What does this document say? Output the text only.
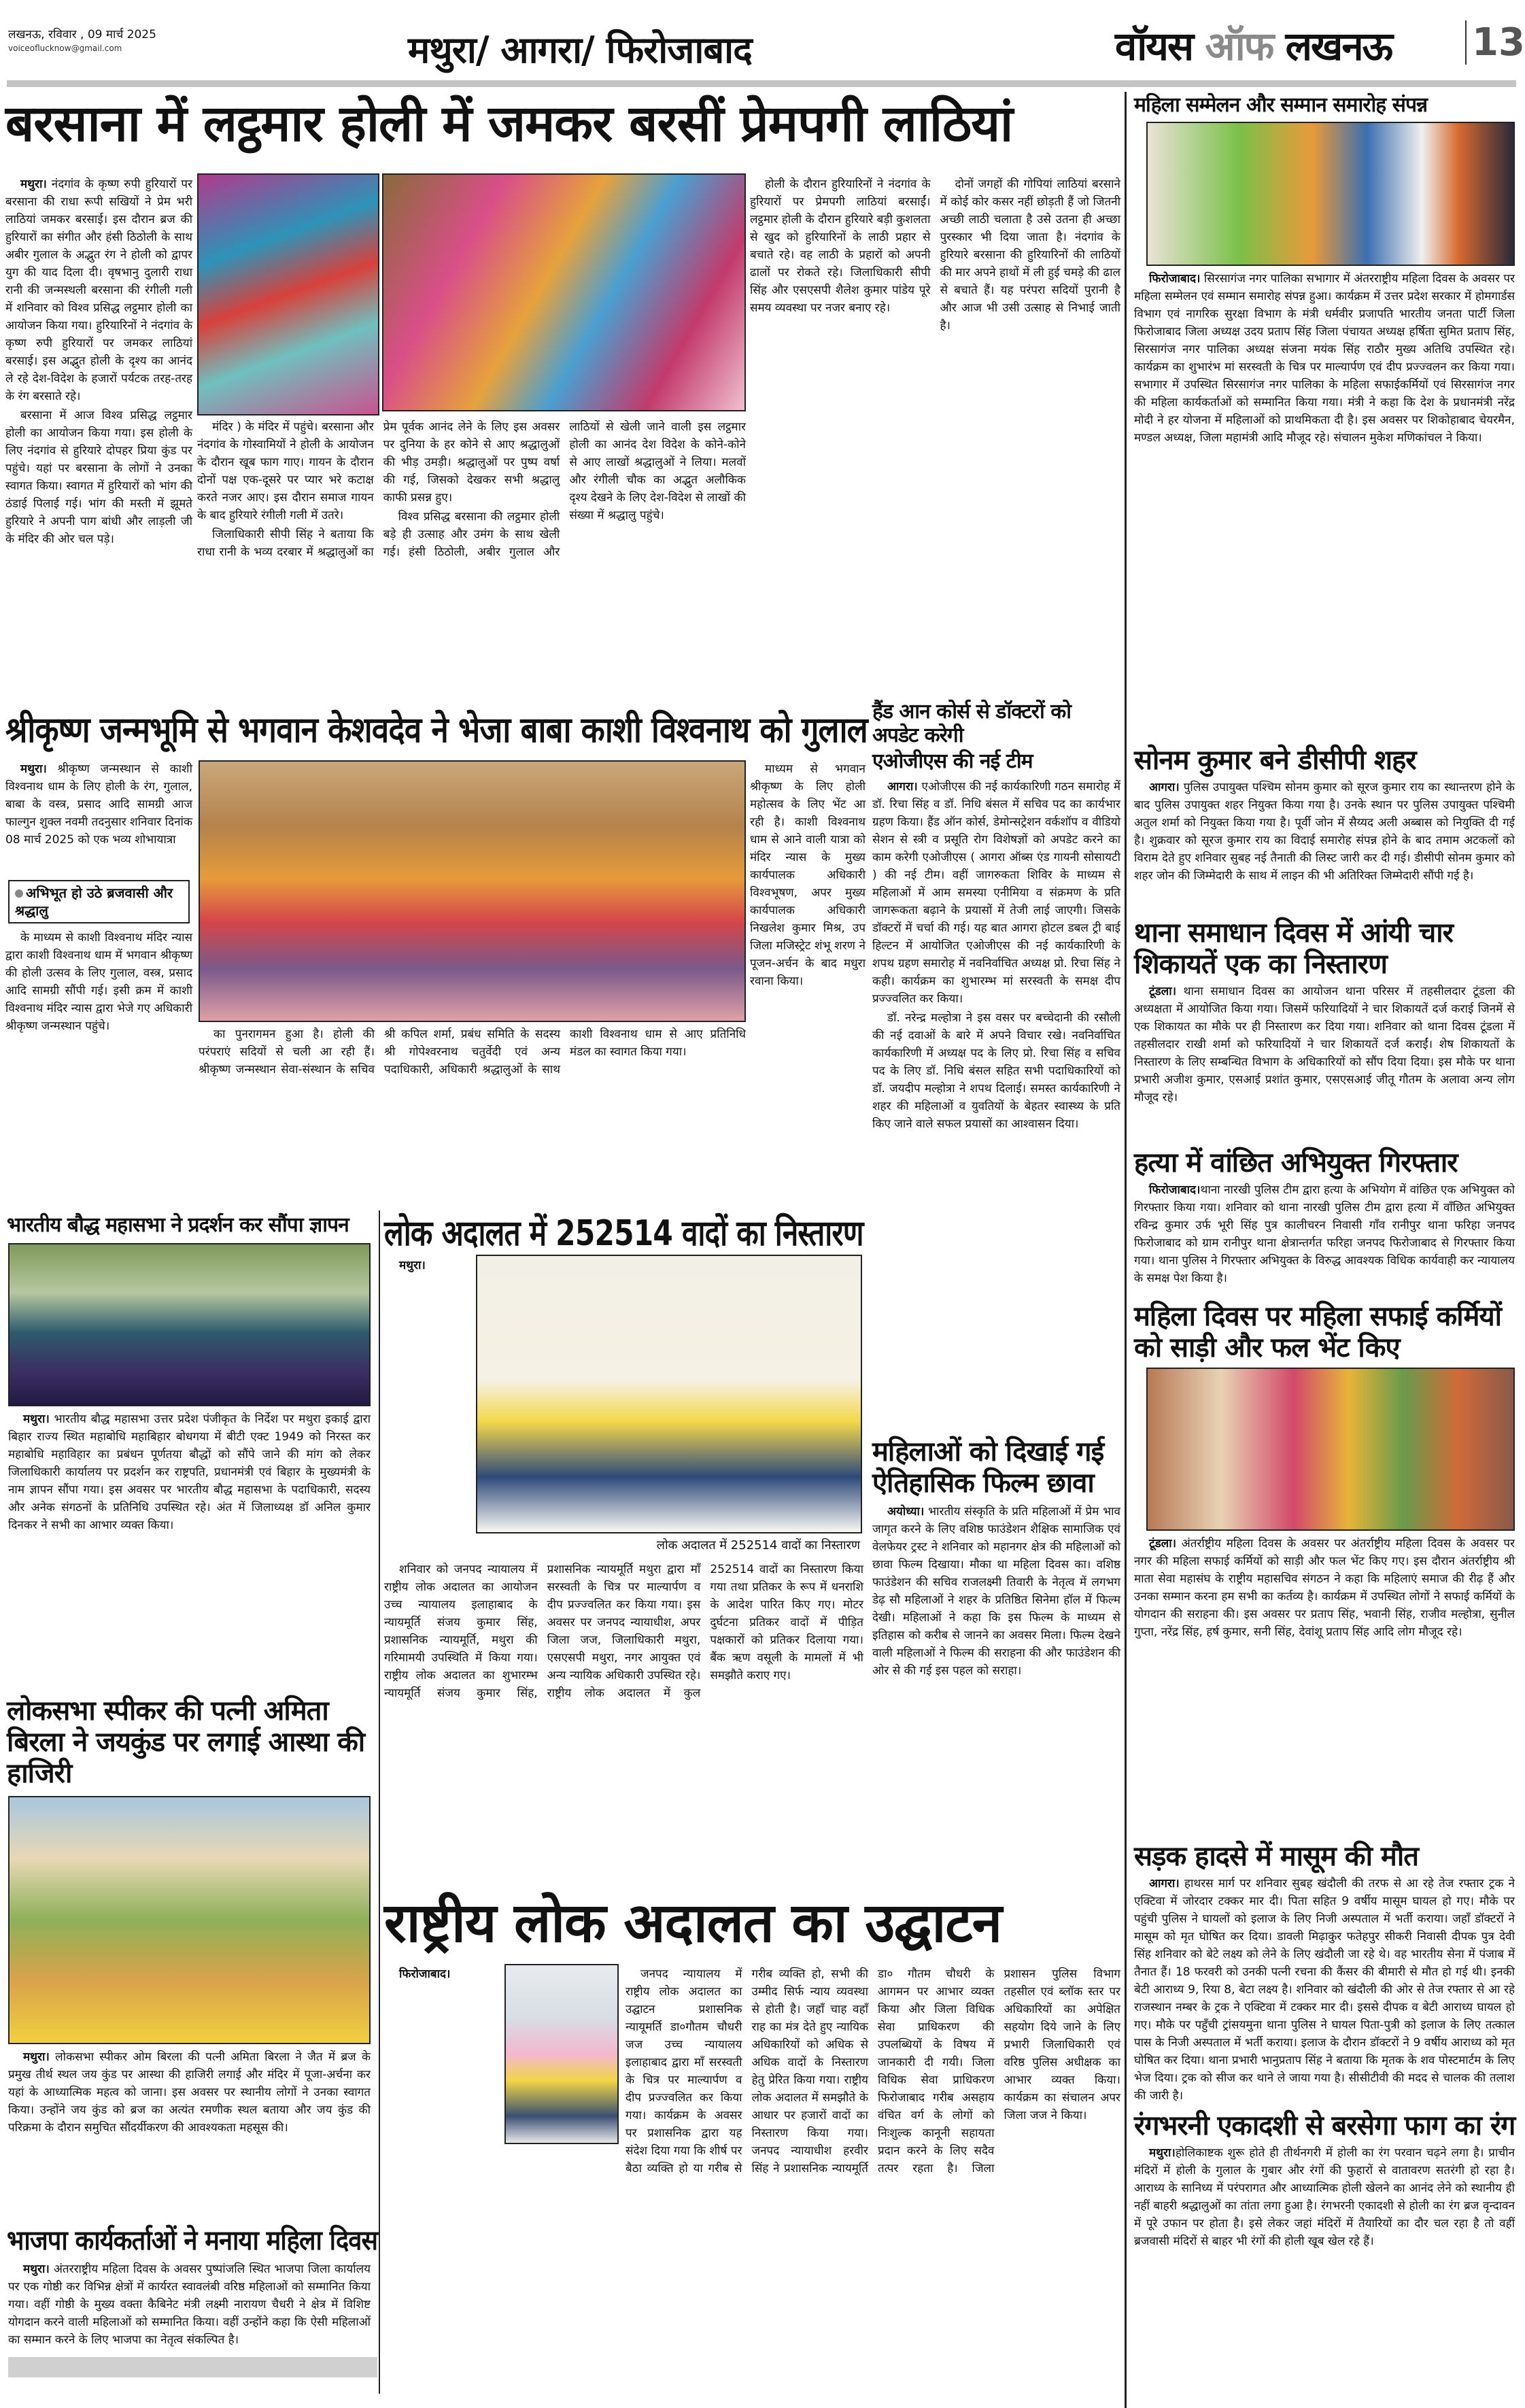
लखनऊ, रविवार , 09 मार्च 2025
voiceoflucknow@gmail.com	मथुरा/ आगरा/ फिरोजाबाद	वॉयस ऑफ लखनऊ 13
बरसाना में लट्ठमार होली में जमकर बरसीं प्रेमपगी लाठियां

मथुरा। नंदगांव के कृष्ण रुपी हुरियारों पर बरसाना की राधा रूपी सखियों ने प्रेम भरी लाठियां जमकर बरसाई। इस दौरान ब्रज की हुरियारों का संगीत और हंसी ठिठोली के साथ अबीर गुलाल के अद्भुत रंग ने होली को द्वापर युग की याद दिला दी। वृषभानु दुलारी राधा रानी की जन्मस्थली बरसाना की रंगीली गली में शनिवार को विश्व प्रसिद्ध लट्ठमार होली का आयोजन किया गया। हुरियारिनों ने नंदगांव के कृष्ण रुपी हुरियारों पर जमकर लाठियां बरसाई। इस अद्भुत होली के दृश्य का आनंद ले रहे देश-विदेश के हजारों पर्यटक तरह-तरह के रंग बरसाते रहे।

बरसाना में आज विश्व प्रसिद्ध लट्ठमार होली का आयोजन किया गया। इस होली के लिए नंदगांव से हुरियारे दोपहर प्रिया कुंड पर पहुंचे। यहां पर बरसाना के लोगों ने उनका स्वागत किया। स्वागत में हुरियारों को भांग की ठंडाई पिलाई गई। भांग की मस्ती में झूमते हुरियारे ने अपनी पाग बांधी और लाड़ली जी के मंदिर की ओर चल पड़े।

मंदिर ) के मंदिर में पहुंचे। बरसाना और नंदगांव के गोस्वामियों ने होली के आयोजन के दौरान खूब फाग गाए। गायन के दौरान दोनों पक्ष एक-दूसरे पर प्यार भरे कटाक्ष करते नजर आए। इस दौरान समाज गायन के बाद हुरियारे रंगीली गली में उतरे।

जिलाधिकारी सीपी सिंह ने बताया कि राधा रानी के भव्य दरबार में श्रद्धालुओं का प्रेम पूर्वक आनंद लेने के लिए इस अवसर पर दुनिया के हर कोने से आए श्रद्धालुओं की भीड़ उमड़ी। श्रद्धालुओं पर पुष्प वर्षा की गई, जिसको देखकर सभी श्रद्धालु काफी प्रसन्न हुए।

विश्व प्रसिद्ध बरसाना की लट्ठमार होली बड़े ही उत्साह और उमंग के साथ खेली गई। हंसी ठिठोली, अबीर गुलाल और लाठियों से खेली जाने वाली इस लट्ठमार होली का आनंद देश विदेश के कोने-कोने से आए लाखों श्रद्धालुओं ने लिया। मलवों और रंगीली चौक का अद्भुत अलौकिक दृश्य देखने के लिए देश-विदेश से लाखों की संख्या में श्रद्धालु पहुंचे।

होली के दौरान हुरियारिनों ने नंदगांव के हुरियारों पर प्रेमपगी लाठियां बरसाईं। लट्ठमार होली के दौरान हुरियारे बड़ी कुशलता से खुद को हुरियारिनों के लाठी प्रहार से बचाते रहे। वह लाठी के प्रहारों को अपनी ढालों पर रोकते रहे। जिलाधिकारी सीपी सिंह और एसएसपी शैलेश कुमार पांडेय पूरे समय व्यवस्था पर नजर बनाए रहे।

दोनों जगहों की गोपियां लाठियां बरसाने में कोई कोर कसर नहीं छोड़ती हैं जो जितनी अच्छी लाठी चलाता है उसे उतना ही अच्छा पुरस्कार भी दिया जाता है। नंदगांव के हुरियारे बरसाना की हुरियारिनों की लाठियों की मार अपने हाथों में ली हुई चमड़े की ढाल से बचाते हैं। यह परंपरा सदियों पुरानी है और आज भी उसी उत्साह से निभाई जाती है।

श्रीकृष्ण जन्मभूमि से भगवान केशवदेव ने भेजा बाबा काशी विश्वनाथ को गुलाल

मथुरा। श्रीकृष्ण जन्मस्थान से काशी विश्वनाथ धाम के लिए होली के रंग, गुलाल, बाबा के वस्त्र, प्रसाद आदि सामग्री आज फाल्गुन शुक्ल नवमी तदनुसार शनिवार दिनांक 08 मार्च 2025 को एक भव्य शोभायात्रा

अभिभूत हो उठे ब्रजवासी और श्रद्धालु

के माध्यम से काशी विश्वनाथ मंदिर न्यास द्वारा काशी विश्वनाथ धाम में भगवान श्रीकृष्ण की होली उत्सव के लिए गुलाल, वस्त्र, प्रसाद आदि सामग्री सौंपी गई। इसी क्रम में काशी विश्वनाथ मंदिर न्यास द्वारा भेजे गए अधिकारी श्रीकृष्ण जन्मस्थान पहुंचे।

का पुनरागमन हुआ है। होली की परंपराएं सदियों से चली आ रही हैं। श्रीकृष्ण जन्मस्थान सेवा-संस्थान के सचिव श्री कपिल शर्मा, प्रबंध समिति के सदस्य श्री गोपेश्वरनाथ चतुर्वेदी एवं अन्य पदाधिकारी, अधिकारी श्रद्धालुओं के साथ काशी विश्वनाथ धाम से आए प्रतिनिधि मंडल का स्वागत किया गया।

माध्यम से भगवान श्रीकृष्ण के लिए होली महोत्सव के लिए भेंट आ रही है। काशी विश्वनाथ धाम से आने वाली यात्रा को मंदिर न्यास के मुख्य कार्यपालक अधिकारी विश्वभूषण, अपर मुख्य कार्यपालक अधिकारी निखलेश कुमार मिश्र, उप जिला मजिस्ट्रेट शंभू शरण ने पूजन-अर्चन के बाद मधुरा रवाना किया।

हैंड आन कोर्स से डॉक्टरों को अपडेट करेगी
एओजीएस की नई टीम

आगरा। एओजीएस की नई कार्यकारिणी गठन समारोह में डॉ. रिचा सिंह व डॉ. निधि बंसल में सचिव पद का कार्यभार ग्रहण किया। हैंड ऑन कोर्स, डेमोन्सट्रेशन वर्कशॉप व वीडियो सेशन से स्त्री व प्रसूति रोग विशेषज्ञों को अपडेट करने का काम करेगी एओजीएस ( आगरा ऑब्स एंड गायनी सोसायटी ) की नई टीम। वहीं जागरुकता शिविर के माध्यम से महिलाओं में आम समस्या एनीमिया व संक्रमण के प्रति जागरूकता बढ़ाने के प्रयासों में तेजी लाई जाएगी। जिसके डॉक्टरों में चर्चा की गई। यह बात आगरा होटल डबल ट्री बाई हिल्टन में आयोजित एओजीएस की नई कार्यकारिणी के शपथ ग्रहण समारोह में नवनिर्वाचित अध्यक्ष प्रो. रिचा सिंह ने कही। कार्यक्रम का शुभारम्भ मां सरस्वती के समक्ष दीप प्रज्ज्वलित कर किया।

डॉ. नरेन्द्र मल्होत्रा ने इस वसर पर बच्चेदानी की रसौली की नई दवाओं के बारे में अपने विचार रखे। नवनिर्वाचित कार्यकारिणी में अध्यक्ष पद के लिए प्रो. रिचा सिंह व सचिव पद के लिए डॉ. निधि बंसल सहित सभी पदाधिकारियों को डॉ. जयदीप मल्होत्रा ने शपथ दिलाई। समस्त कार्यकारिणी ने शहर की महिलाओं व युवतियों के बेहतर स्वास्थ्य के प्रति किए जाने वाले सफल प्रयासों का आश्वासन दिया।

महिलाओं को दिखाई गई ऐतिहासिक फिल्म छावा

अयोध्या। भारतीय संस्कृति के प्रति महिलाओं में प्रेम भाव जागृत करने के लिए वशिष्ठ फाउंडेशन शैक्षिक सामाजिक एवं वेलफेयर ट्रस्ट ने शनिवार को महानगर क्षेत्र की महिलाओं को छावा फिल्म दिखाया। मौका था महिला दिवस का। वशिष्ठ फाउंडेशन की सचिव राजलक्ष्मी तिवारी के नेतृत्व में लगभग डेढ़ सौ महिलाओं ने शहर के प्रतिष्ठित सिनेमा हॉल में फिल्म देखी। महिलाओं ने कहा कि इस फिल्म के माध्यम से इतिहास को करीब से जानने का अवसर मिला। फिल्म देखने वाली महिलाओं ने फिल्म की सराहना की और फाउंडेशन की ओर से की गई इस पहल को सराहा।

लोक अदालत में 252514 वादों का निस्तारण
लोक अदालत में 252514 वादों का निस्तारण

मथुरा।

शनिवार को जनपद न्यायालय में राष्ट्रीय लोक अदालत का आयोजन उच्च न्यायालय इलाहाबाद के न्यायमूर्ति संजय कुमार सिंह, प्रशासनिक न्यायमूर्ति, मथुरा की गरिमामयी उपस्थिति में किया गया। राष्ट्रीय लोक अदालत का शुभारम्भ न्यायमूर्ति संजय कुमार सिंह, प्रशासनिक न्यायमूर्ति मथुरा द्वारा माँ सरस्वती के चित्र पर माल्यार्पण व दीप प्रज्ज्वलित कर किया गया। इस अवसर पर जनपद न्यायाधीश, अपर जिला जज, जिलाधिकारी मथुरा, एसएसपी मथुरा, नगर आयुक्त एवं अन्य न्यायिक अधिकारी उपस्थित रहे। राष्ट्रीय लोक अदालत में कुल 252514 वादों का निस्तारण किया गया तथा प्रतिकर के रूप में धनराशि के आदेश पारित किए गए। मोटर दुर्घटना प्रतिकर वादों में पीड़ित पक्षकारों को प्रतिकर दिलाया गया। बैंक ऋण वसूली के मामलों में भी समझौते कराए गए।

भारतीय बौद्ध महासभा ने प्रदर्शन कर सौंपा ज्ञापन

मथुरा। भारतीय बौद्ध महासभा उत्तर प्रदेश पंजीकृत के निर्देश पर मथुरा इकाई द्वारा बिहार राज्य स्थित महाबोधि महाबिहार बोधगया में बीटी एक्ट 1949 को निरस्त कर महाबोधि महाविहार का प्रबंधन पूर्णतया बौद्धों को सौंपे जाने की मांग को लेकर जिलाधिकारी कार्यालय पर प्रदर्शन कर राष्ट्रपति, प्रधानमंत्री एवं बिहार के मुख्यमंत्री के नाम ज्ञापन सौंपा गया। इस अवसर पर भारतीय बौद्ध महासभा के पदाधिकारी, सदस्य और अनेक संगठनों के प्रतिनिधि उपस्थित रहे। अंत में जिलाध्यक्ष डॉ अनिल कुमार दिनकर ने सभी का आभार व्यक्त किया।

लोकसभा स्पीकर की पत्नी अमिता बिरला ने जयकुंड पर लगाई आस्था की हाजिरी

मथुरा। लोकसभा स्पीकर ओम बिरला की पत्नी अमिता बिरला ने जैत में ब्रज के प्रमुख तीर्थ स्थल जय कुंड पर आस्था की हाजिरी लगाई और मंदिर में पूजा-अर्चना कर यहां के आध्यात्मिक महत्व को जाना। इस अवसर पर स्थानीय लोगों ने उनका स्वागत किया। उन्होंने जय कुंड को ब्रज का अत्यंत रमणीक स्थल बताया और जय कुंड की परिक्रमा के दौरान समुचित सौंदर्यीकरण की आवश्यकता महसूस की।

भाजपा कार्यकर्ताओं ने मनाया महिला दिवस

मथुरा। अंतरराष्ट्रीय महिला दिवस के अवसर पुष्पांजलि स्थित भाजपा जिला कार्यालय पर एक गोष्ठी कर विभिन्न क्षेत्रों में कार्यरत स्वावलंबी वरिष्ठ महिलाओं को सम्मानित किया गया। वहीं गोष्ठी के मुख्य वक्ता कैबिनेट मंत्री लक्ष्मी नारायण चैधरी ने क्षेत्र में विशिष्ट योगदान करने वाली महिलाओं को सम्मानित किया। वहीं उन्होंने कहा कि ऐसी महिलाओं का सम्मान करने के लिए भाजपा का नेतृत्व संकल्पित है।

राष्ट्रीय लोक अदालत का उद्घाटन

फिरोजाबाद।	जनपद न्यायालय में राष्ट्रीय लोक अदालत का उद्घाटन प्रशासनिक न्यायूमर्ति डा०गौतम चौधरी जज उच्च न्यायालय इलाहाबाद द्वारा माँ सरस्वती के चित्र पर माल्यार्पण व दीप प्रज्ज्वलित कर किया गया। कार्यक्रम के अवसर पर प्रशासनिक द्वारा यह संदेश दिया गया कि शीर्ष पर बैठा व्यक्ति हो या गरीब से गरीब व्यक्ति हो, सभी की उम्मीद सिर्फ न्याय व्यवस्था से होती है। जहाँ चाह वहाँ राह का मंत्र देते हुए न्यायिक अधिकारियों को अधिक से अधिक वादों के निस्तारण हेतु प्रेरित किया गया। राष्ट्रीय लोक अदालत में समझौते के आधार पर हजारों वादों का निस्तारण किया गया। जनपद न्यायाधीश हरवीर सिंह ने प्रशासनिक न्यायमूर्ति डा० गौतम चौधरी के आगमन पर आभार व्यक्त किया और जिला विधिक सेवा प्राधिकरण की उपलब्धियों के विषय में जानकारी दी गयी। जिला विधिक सेवा प्राधिकरण फिरोजाबाद गरीब असहाय वंचित वर्ग के लोगों को निःशुल्क कानूनी सहायता प्रदान करने के लिए सदैव तत्पर रहता है। जिला प्रशासन पुलिस विभाग तहसील एवं ब्लॉक स्तर पर अधिकारियों का अपेक्षित सहयोग दिये जाने के लिए प्रभारी जिलाधिकारी एवं वरिष्ठ पुलिस अधीक्षक का आभार व्यक्त किया। कार्यक्रम का संचालन अपर जिला जज ने किया।

महिला सम्मेलन और सम्मान समारोह संपन्न

फिरोजाबाद। सिरसागंज नगर पालिका सभागार में अंतरराष्ट्रीय महिला दिवस के अवसर पर महिला सम्मेलन एवं सम्मान समारोह संपन्न हुआ। कार्यक्रम में उत्तर प्रदेश सरकार में होमगार्डस विभाग एवं नागरिक सुरक्षा विभाग के मंत्री धर्मवीर प्रजापति भारतीय जनता पार्टी जिला फिरोजाबाद जिला अध्यक्ष उदय प्रताप सिंह जिला पंचायत अध्यक्ष हर्षिता सुमित प्रताप सिंह, सिरसागंज नगर पालिका अध्यक्ष संजना मयंक सिंह राठौर मुख्य अतिथि उपस्थित रहे। कार्यक्रम का शुभारंभ मां सरस्वती के चित्र पर माल्यार्पण एवं दीप प्रज्ज्वलन कर किया गया। सभागार में उपस्थित सिरसागंज नगर पालिका के महिला सफाईकर्मियों एवं सिरसागंज नगर की महिला कार्यकर्ताओं को सम्मानित किया गया। मंत्री ने कहा कि देश के प्रधानमंत्री नरेंद्र मोदी ने हर योजना में महिलाओं को प्राथमिकता दी है। इस अवसर पर शिकोहाबाद चेयरमैन, मण्डल अध्यक्ष, जिला महामंत्री आदि मौजूद रहे। संचालन मुकेश मणिकांचल ने किया।

सोनम कुमार बने डीसीपी शहर

आगरा। पुलिस उपायुक्त पश्चिम सोनम कुमार को सूरज कुमार राय का स्थान्तरण होने के बाद पुलिस उपायुक्त शहर नियुक्त किया गया है। उनके स्थान पर पुलिस उपायुक्त पश्चिमी अतुल शर्मा को नियुक्त किया गया है। पूर्वी जोन में सैय्यद अली अब्बास को नियुक्ति दी गई है। शुक्रवार को सूरज कुमार राय का विदाई समारोह संपन्न होने के बाद तमाम अटकलों को विराम देते हुए शनिवार सुबह नई तैनाती की लिस्ट जारी कर दी गई। डीसीपी सोनम कुमार को शहर जोन की जिम्मेदारी के साथ में लाइन की भी अतिरिक्त जिम्मेदारी सौंपी गई है।

थाना समाधान दिवस में आंयी चार शिकायतें एक का निस्तारण

टूंडला। थाना समाधान दिवस का आयोजन थाना परिसर में तहसीलदार टूंडला की अध्यक्षता में आयोजित किया गया। जिसमें फरियादियों ने चार शिकायतें दर्ज कराई जिनमें से एक शिकायत का मौके पर ही निस्तारण कर दिया गया। शनिवार को थाना दिवस टूंडला में तहसीलदार राखी शर्मा को फरियादियों ने चार शिकायतें दर्ज कराईं। शेष शिकायतों के निस्तारण के लिए सम्बन्धित विभाग के अधिकारियों को सौंप दिया दिया। इस मौके पर थाना प्रभारी अजीश कुमार, एसआई प्रशांत कुमार, एसएसआई जीतू गौतम के अलावा अन्य लोग मौजूद रहे।

हत्या में वांछित अभियुक्त गिरफ्तार

फिरोजाबाद।थाना नारखी पुलिस टीम द्वारा हत्या के अभियोग में वांछित एक अभियुक्त को गिरफ्तार किया गया। शनिवार को थाना नारखी पुलिस टीम द्वारा हत्या में वाँछित अभियुक्त रविन्द्र कुमार उर्फ भूरी सिंह पुत्र कालीचरन निवासी गाँव रानीपुर थाना फरिहा जनपद फिरोजाबाद को ग्राम रानीपुर थाना क्षेत्रान्तर्गत फरिहा जनपद फिरोजाबाद से गिरफ्तार किया गया। थाना पुलिस ने गिरफ्तार अभियुक्त के विरुद्ध आवश्यक विधिक कार्यवाही कर न्यायालय के समक्ष पेश किया है।

महिला दिवस पर महिला सफाई कर्मियों को साड़ी और फल भेंट किए

टूंडला। अंतर्राष्ट्रीय महिला दिवस के अवसर पर अंतर्राष्ट्रीय महिला दिवस के अवसर पर नगर की महिला सफाई कर्मियों को साड़ी और फल भेंट किए गए। इस दौरान अंतर्राष्ट्रीय श्री माता सेवा महासंघ के राष्ट्रीय महासचिव संगठन ने कहा कि महिलाएं समाज की रीढ़ हैं और उनका सम्मान करना हम सभी का कर्तव्य है। कार्यक्रम में उपस्थित लोगों ने सफाई कर्मियों के योगदान की सराहना की। इस अवसर पर प्रताप सिंह, भवानी सिंह, राजीव मल्होत्रा, सुनील गुप्ता, नरेंद्र सिंह, हर्ष कुमार, सनी सिंह, देवांशू प्रताप सिंह आदि लोग मौजूद रहे।

सड़क हादसे में मासूम की मौत

आगरा। हाथरस मार्ग पर शनिवार सुबह खंदौली की तरफ से आ रहे तेज रफ्तार ट्रक ने एक्टिवा में जोरदार टक्कर मार दी। पिता सहित 9 वर्षीय मासूम घायल हो गए। मौके पर पहुंची पुलिस ने घायलों को इलाज के लिए निजी अस्पताल में भर्ती कराया। जहाँ डॉक्टरों ने मासूम को मृत घोषित कर दिया। डावली मिढ़ाकुर फतेहपुर सीकरी निवासी दीपक पुत्र देवी सिंह शनिवार को बेटे लक्ष्य को लेने के लिए खंदौली जा रहे थे। वह भारतीय सेना में पंजाब में तैनात हैं। 18 फरवरी को उनकी पत्नी रचना की कैंसर की बीमारी से मौत हो गई थी। इनकी बेटी आराध्य 9, रिया 8, बेटा लक्ष्य है। शनिवार को खंदौली की ओर से तेज रफ्तार से आ रहे राजस्थान नम्बर के ट्रक ने एक्टिवा में टक्कर मार दी। इससे दीपक व बेटी आराध्य घायल हो गए। मौके पर पहुँची ट्रांसयमुना थाना पुलिस ने घायल पिता-पुत्री को इलाज के लिए तत्काल पास के निजी अस्पताल में भर्ती कराया। इलाज के दौरान डॉक्टरों ने 9 वर्षीय आराध्य को मृत घोषित कर दिया। थाना प्रभारी भानुप्रताप सिंह ने बताया कि मृतक के शव पोस्टमार्टम के लिए भेज दिया। ट्रक को सीज कर थाने ले जाया गया है। सीसीटीवी की मदद से चालक की तलाश की जारी है।

रंगभरनी एकादशी से बरसेगा फाग का रंग

मथुरा।होलिकाष्टक शुरू होते ही तीर्थनगरी में होली का रंग परवान चढ़ने लगा है। प्राचीन मंदिरों में होली के गुलाल के गुबार और रंगों की फुहारों से वातावरण सतरंगी हो रहा है। आराध्य के सानिध्य में परंपरागत और आध्यात्मिक होली खेलने का आनंद लेने को स्थानीय ही नहीं बाहरी श्रद्धालुओं का तांता लगा हुआ है। रंगभरनी एकादशी से होली का रंग ब्रज वृन्दावन में पूरे उफान पर होता है। इसे लेकर जहां मंदिरों में तैयारियों का दौर चल रहा है तो वहीं ब्रजवासी मंदिरों से बाहर भी रंगों की होली खूब खेल रहे हैं।
